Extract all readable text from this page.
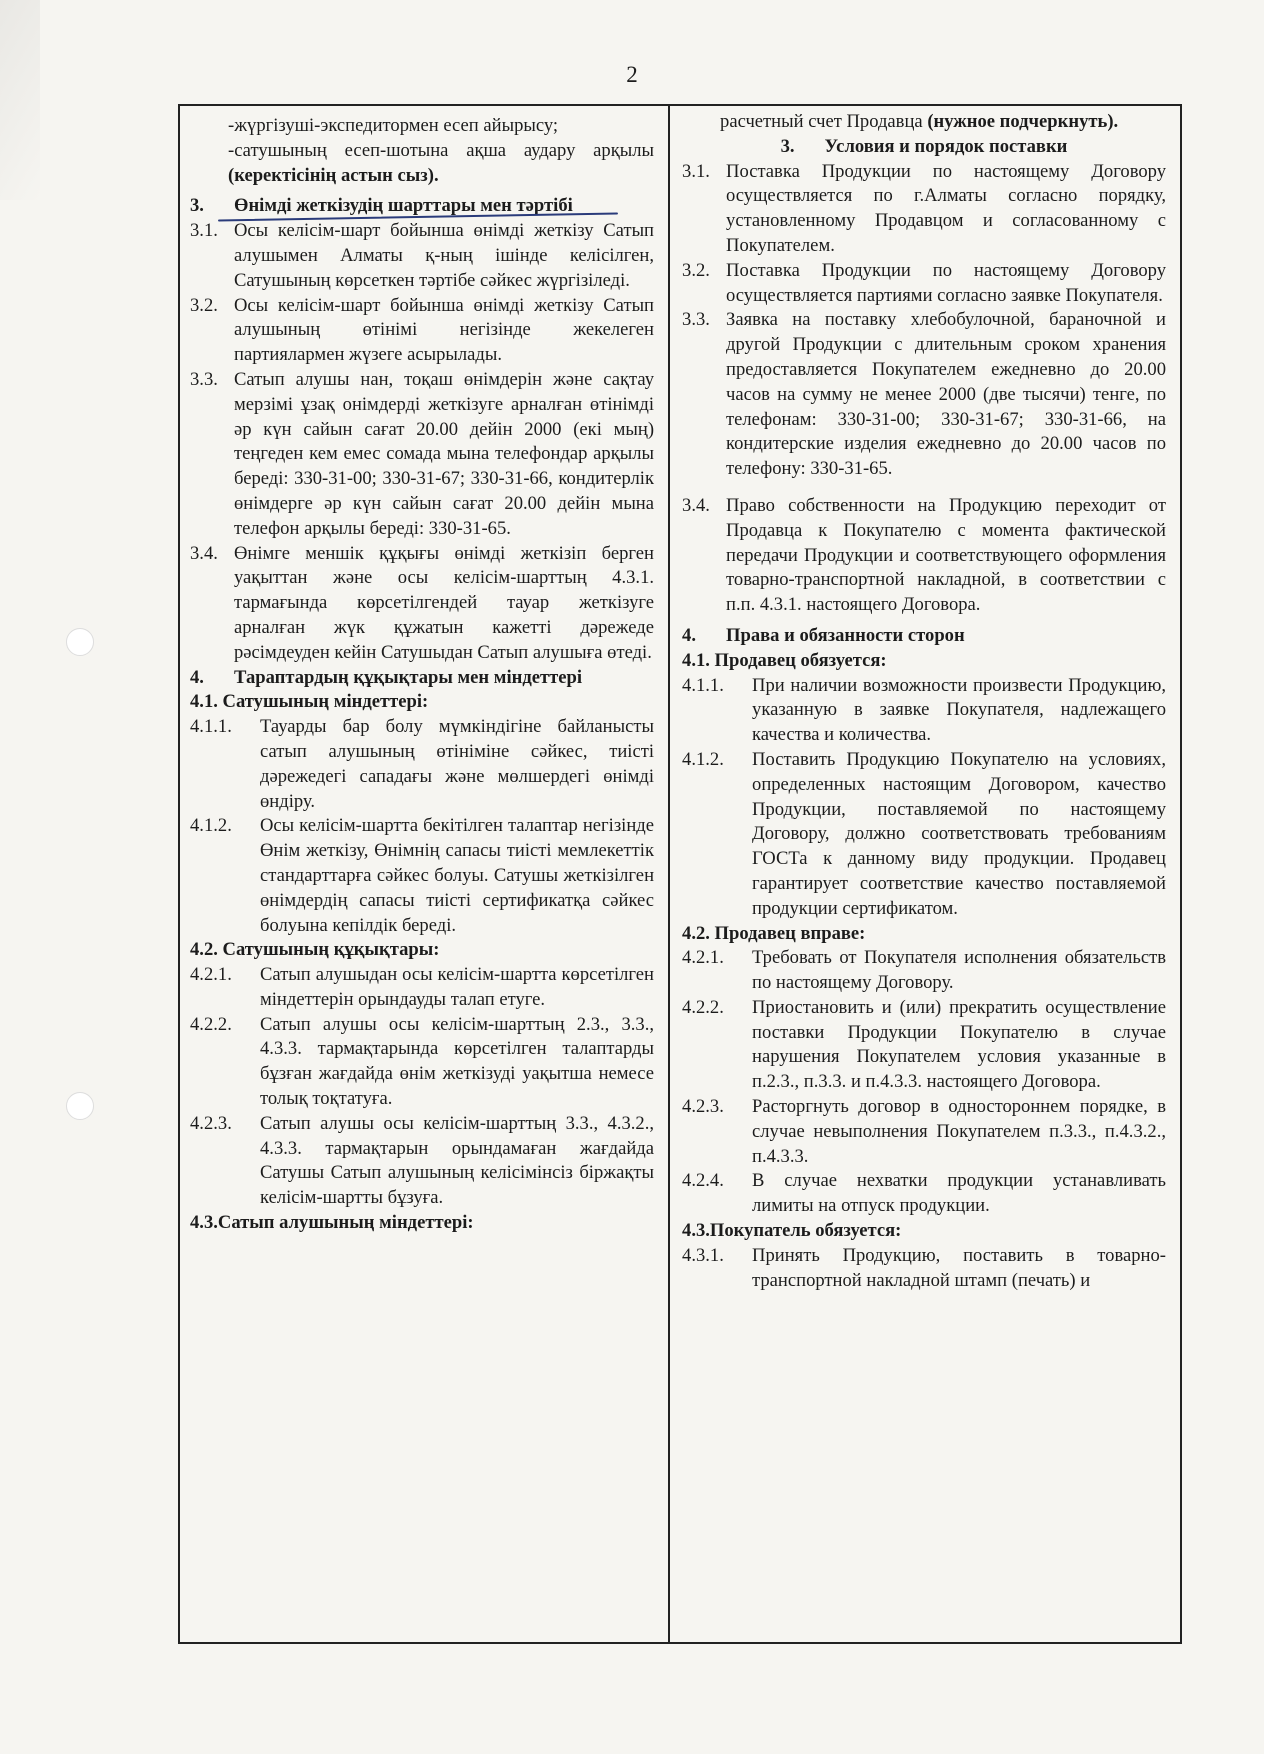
2
-жүргізуші-экспедитормен есеп айырысу;
-сатушының есеп-шотына ақша аудару арқылы (керектісінің астын сыз).
3.	Өнімді жеткізудің шарттары мен тәртібі
3.1. Осы келісім-шарт бойынша өнімді жеткізу Сатып алушымен Алматы қ-ның ішінде келісілген, Сатушының көрсеткен тәртібе сәйкес жүргізіледі.
3.2. Осы келісім-шарт бойынша өнімді жеткізу Сатып алушының өтінімі негізінде жекелеген партиялармен жүзеге асырылады.
3.3. Сатып алушы нан, тоқаш өнімдерін және сақтау мерзімі ұзақ онімдерді жеткізуге арналған өтінімді әр күн сайын сағат 20.00 дейін 2000 (екі мың) теңгеден кем емес сомада мына телефондар арқылы береді: 330-31-00; 330-31-67; 330-31-66, кондитерлік өнімдерге әр күн сайын сағат 20.00 дейін мына телефон арқылы береді: 330-31-65.
3.4. Өнімге меншік құқығы өнімді жеткізіп берген уақыттан және осы келісім-шарттың 4.3.1. тармағында көрсетілгендей тауар жеткізуге арналған жүк құжатын кажетті дәрежеде рәсімдеуден кейін Сатушыдан Сатып алушыға өтеді.
4.	Тараптардың құқықтары мен міндеттері
4.1. Сатушының міндеттері:
4.1.1.	Тауарды бар болу мүмкіндігіне байланысты сатып алушының өтініміне сәйкес, тиісті дәрежедегі сападағы және мөлшердегі өнімді өндіру.
4.1.2.	Осы келісім-шартта бекітілген талаптар негізінде Өнім жеткізу, Өнімнің сапасы тиісті мемлекеттік стандарттарға сәйкес болуы. Сатушы жеткізілген өнімдердің сапасы тиісті сертификатқа сәйкес болуына кепілдік береді.
4.2. Сатушының құқықтары:
4.2.1.	Сатып алушыдан осы келісім-шартта көрсетілген міндеттерін орындауды талап етуге.
4.2.2.	Сатып алушы осы келісім-шарттың 2.3., 3.3., 4.3.3. тармақтарында көрсетілген талаптарды бұзған жағдайда өнім жеткізуді уақытша немесе толық тоқтатуға.
4.2.3.	Сатып алушы осы келісім-шарттың 3.3., 4.3.2., 4.3.3. тармақтарын орындамаған жағдайда Сатушы Сатып алушының келісімінсіз біржақты келісім-шартты бұзуға.
4.3.Сатып алушының міндеттері:
расчетный счет Продавца (нужное подчеркнуть).
3. Условия и порядок поставки
3.1. Поставка Продукции по настоящему Договору осуществляется по г.Алматы согласно порядку, установленному Продавцом и согласованному с Покупателем.
3.2. Поставка Продукции по настоящему Договору осуществляется партиями согласно заявке Покупателя.
3.3. Заявка на поставку хлебобулочной, бараночной и другой Продукции с длительным сроком хранения предоставляется Покупателем ежедневно до 20.00 часов на сумму не менее 2000 (две тысячи) тенге, по телефонам: 330-31-00; 330-31-67; 330-31-66, на кондитерские изделия ежедневно до 20.00 часов по телефону: 330-31-65.
3.4. Право собственности на Продукцию переходит от Продавца к Покупателю с момента фактической передачи Продукции и соответствующего оформления товарно-транспортной накладной, в соответствии с п.п. 4.3.1. настоящего Договора.
4.	Права и обязанности сторон
4.1. Продавец обязуется:
4.1.1.	При наличии возможности произвести Продукцию, указанную в заявке Покупателя, надлежащего качества и количества.
4.1.2.	Поставить Продукцию Покупателю на условиях, определенных настоящим Договором, качество Продукции, поставляемой по настоящему Договору, должно соответствовать требованиям ГОСТа к данному виду продукции. Продавец гарантирует соответствие качество поставляемой продукции сертификатом.
4.2. Продавец вправе:
4.2.1.	Требовать от Покупателя исполнения обязательств по настоящему Договору.
4.2.2.	Приостановить и (или) прекратить осуществление поставки Продукции Покупателю в случае нарушения Покупателем условия указанные в п.2.3., п.3.3. и п.4.3.3. настоящего Договора.
4.2.3.	Расторгнуть договор в одностороннем порядке, в случае невыполнения Покупателем п.3.3., п.4.3.2., п.4.3.3.
4.2.4.	В случае нехватки продукции устанавливать лимиты на отпуск продукции.
4.3.Покупатель обязуется:
4.3.1.	Принять Продукцию, поставить в товарно-транспортной накладной штамп (печать) и
